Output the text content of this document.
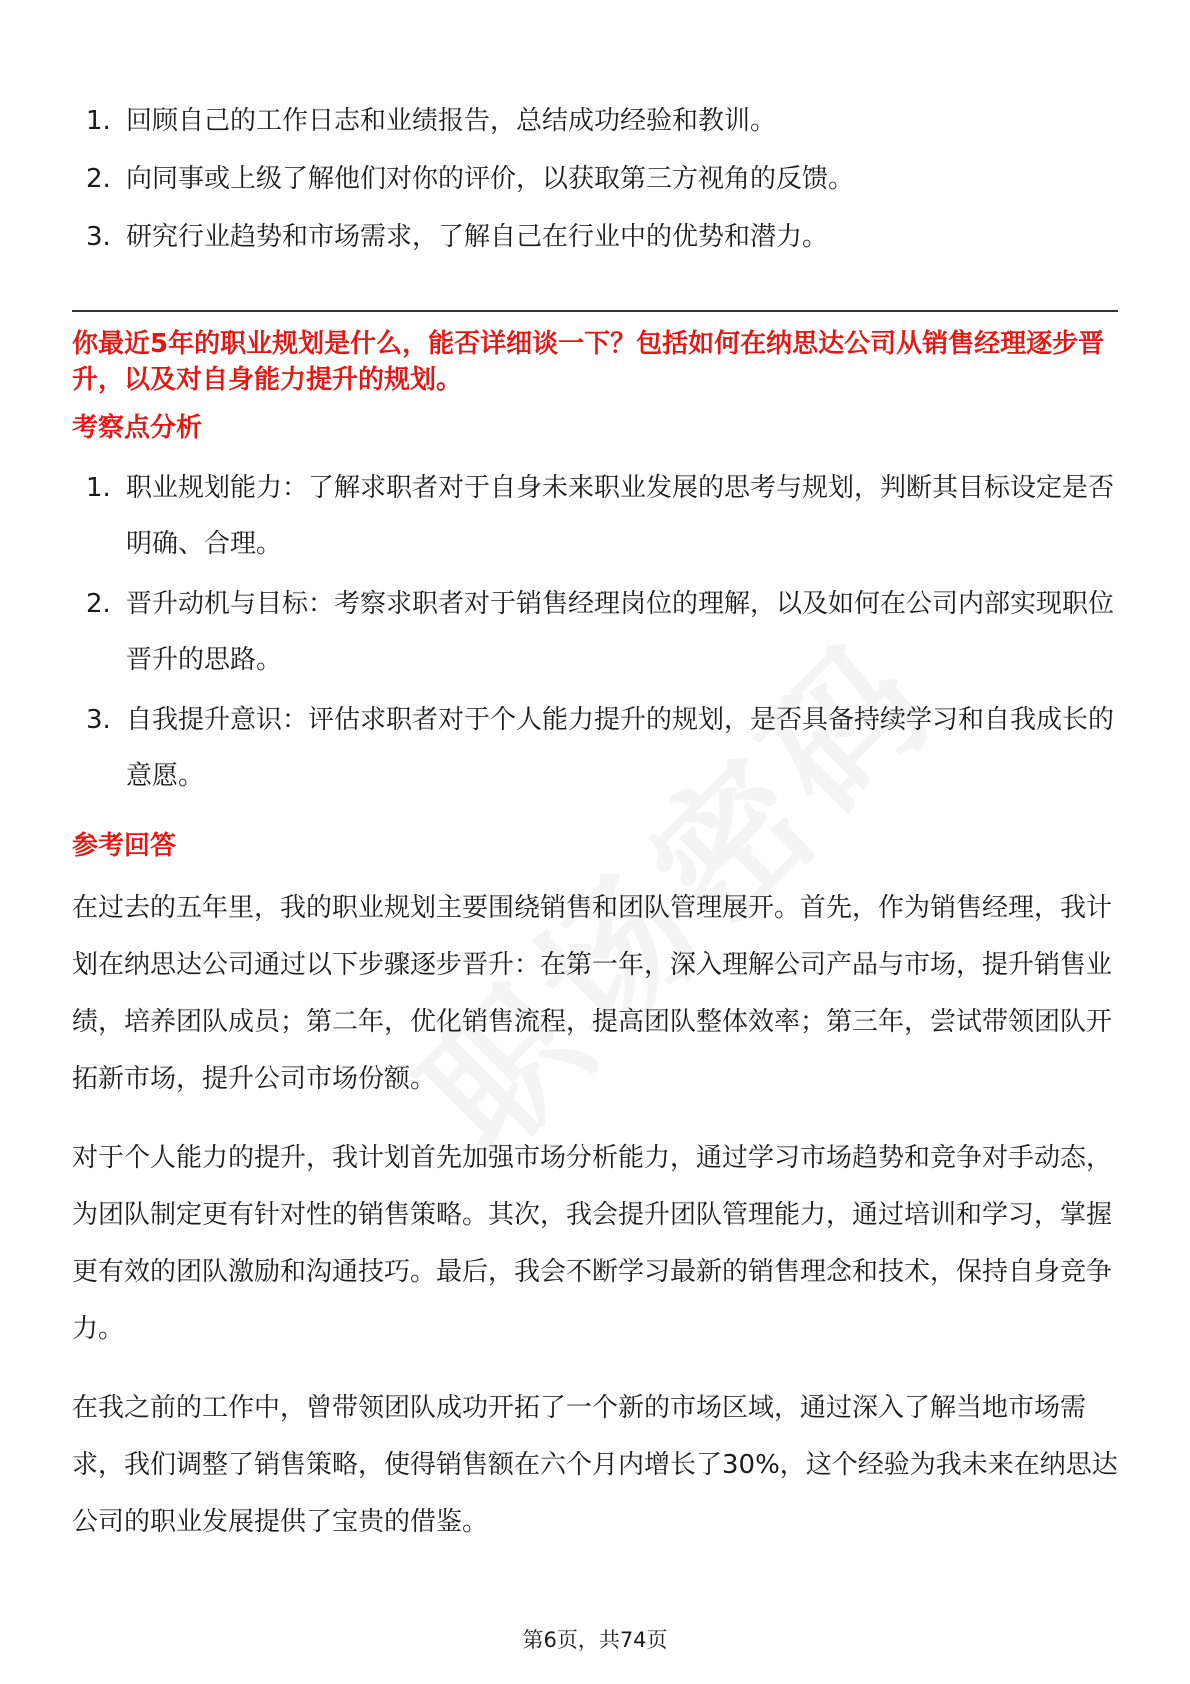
1. 回顾自己的工作日志和业绩报告，总结成功经验和教训。
2. 向同事或上级了解他们对你的评价，以获取第三方视角的反馈。
3. 研究行业趋势和市场需求，了解自己在行业中的优势和潜力。
你最近5年的职业规划是什么，能否详细谈一下？包括如何在纳思达公司从销售经理逐步晋升，以及对自身能力提升的规划。
考察点分析
1. 职业规划能力：了解求职者对于自身未来职业发展的思考与规划，判断其目标设定是否明确、合理。
2. 晋升动机与目标：考察求职者对于销售经理岗位的理解，以及如何在公司内部实现职位晋升的思路。
3. 自我提升意识：评估求职者对于个人能力提升的规划，是否具备持续学习和自我成长的意愿。
参考回答

在过去的五年里，我的职业规划主要围绕销售和团队管理展开。首先，作为销售经理，我计划在纳思达公司通过以下步骤逐步晋升：在第一年，深入理解公司产品与市场，提升销售业绩，培养团队成员；第二年，优化销售流程，提高团队整体效率；第三年，尝试带领团队开拓新市场，提升公司市场份额。

对于个人能力的提升，我计划首先加强市场分析能力，通过学习市场趋势和竞争对手动态，为团队制定更有针对性的销售策略。其次，我会提升团队管理能力，通过培训和学习，掌握更有效的团队激励和沟通技巧。最后，我会不断学习最新的销售理念和技术，保持自身竞争力。

在我之前的工作中，曾带领团队成功开拓了一个新的市场区域，通过深入了解当地市场需求，我们调整了销售策略，使得销售额在六个月内增长了30%，这个经验为我未来在纳思达公司的职业发展提供了宝贵的借鉴。

第6页，共74页
